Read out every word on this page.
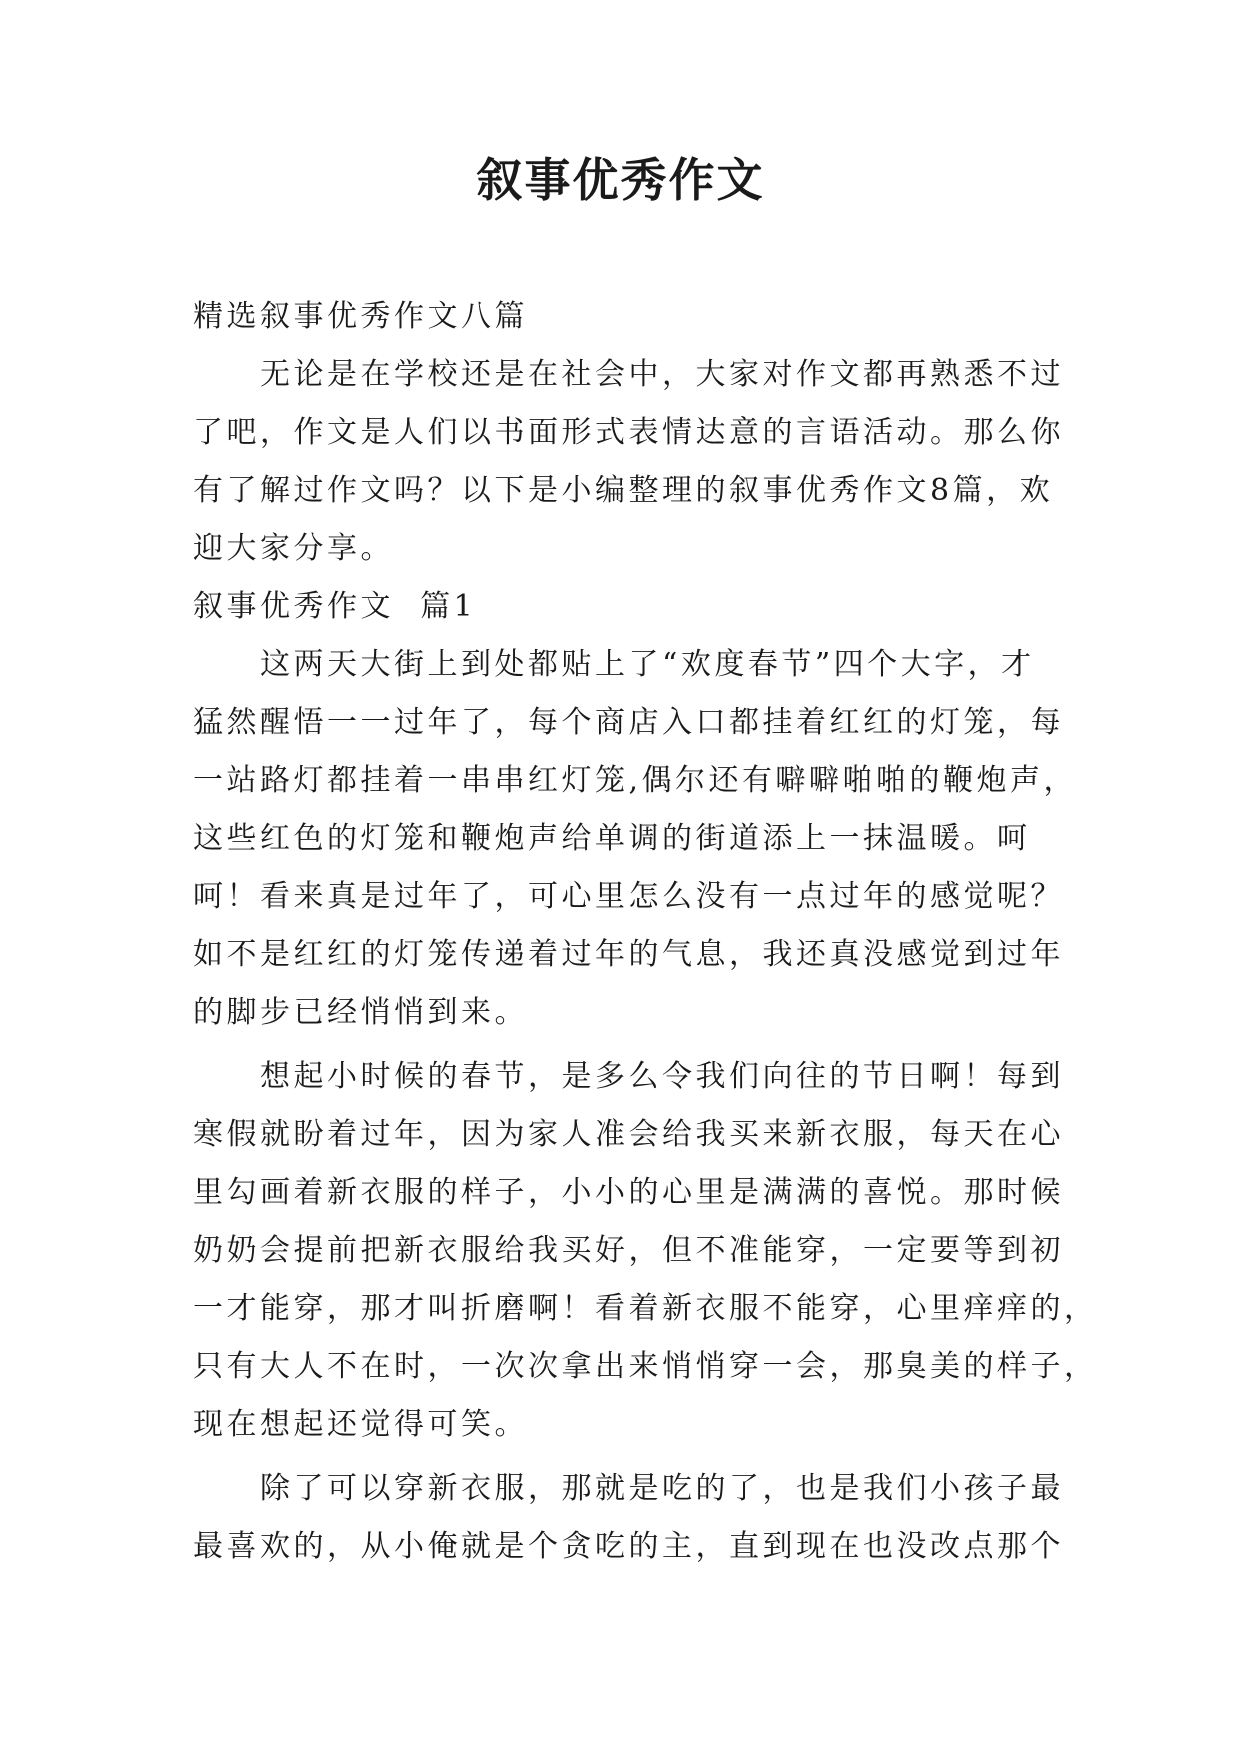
叙事优秀作文

精选叙事优秀作文八篇

无论是在学校还是在社会中，大家对作文都再熟悉不过

了吧，作文是人们以书面形式表情达意的言语活动。那么你

有了解过作文吗？以下是小编整理的叙事优秀作文8篇，欢

迎大家分享。

叙事优秀作文  篇1

这两天大街上到处都贴上了“欢度春节”四个大字，才

猛然醒悟一一过年了，每个商店入口都挂着红红的灯笼，每

一站路灯都挂着一串串红灯笼,偶尔还有噼噼啪啪的鞭炮声，

这些红色的灯笼和鞭炮声给单调的街道添上一抹温暖。呵

呵！看来真是过年了，可心里怎么没有一点过年的感觉呢？

如不是红红的灯笼传递着过年的气息，我还真没感觉到过年

的脚步已经悄悄到来。

想起小时候的春节，是多么令我们向往的节日啊！每到

寒假就盼着过年，因为家人准会给我买来新衣服，每天在心

里勾画着新衣服的样子，小小的心里是满满的喜悦。那时候

奶奶会提前把新衣服给我买好，但不准能穿，一定要等到初

一才能穿，那才叫折磨啊！看着新衣服不能穿，心里痒痒的，

只有大人不在时，一次次拿出来悄悄穿一会，那臭美的样子，

现在想起还觉得可笑。

除了可以穿新衣服，那就是吃的了，也是我们小孩子最

最喜欢的，从小俺就是个贪吃的主，直到现在也没改点那个
